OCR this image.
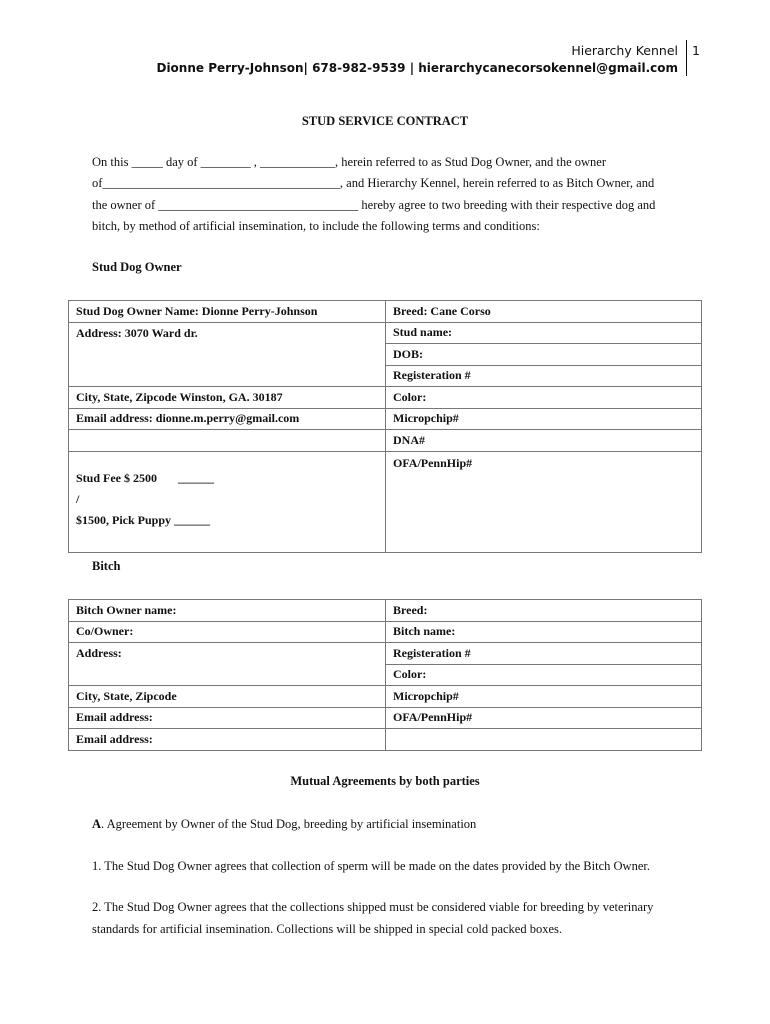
Hierarchy Kennel 1
Dionne Perry-Johnson| 678-982-9539 | hierarchycanecorsokennel@gmail.com
STUD SERVICE CONTRACT

On this _____ day of ________ , ____________, herein referred to as Stud Dog Owner, and the owner

of______________________________________, and Hierarchy Kennel, herein referred to as Bitch Owner, and

the owner of ________________________________ hereby agree to two breeding with their respective dog and

bitch, by method of artificial insemination, to include the following terms and conditions:

Stud Dog Owner
Stud Dog Owner Name: Dionne Perry-Johnson	Breed: Cane Corso
Address: 3070 Ward dr.	Stud name:
	DOB:
	Registeration #
City, State, Zipcode Winston, GA. 30187	Color:
Email address: dionne.m.perry@gmail.com	Micropchip#
	DNA#

Stud Fee $ 2500       ______
/
$1500, Pick Puppy ______	OFA/PennHip#

Bitch
Bitch Owner name:	Breed:
Co/Owner:	Bitch name:
Address:	Registeration #
	Color:
City, State, Zipcode	Micropchip#
Email address:	OFA/PennHip#
Email address:	
Mutual Agreements by both parties
A. Agreement by Owner of the Stud Dog, breeding by artificial insemination
1. The Stud Dog Owner agrees that collection of sperm will be made on the dates provided by the Bitch Owner.
2. The Stud Dog Owner agrees that the collections shipped must be considered viable for breeding by veterinary
standards for artificial insemination. Collections will be shipped in special cold packed boxes.
